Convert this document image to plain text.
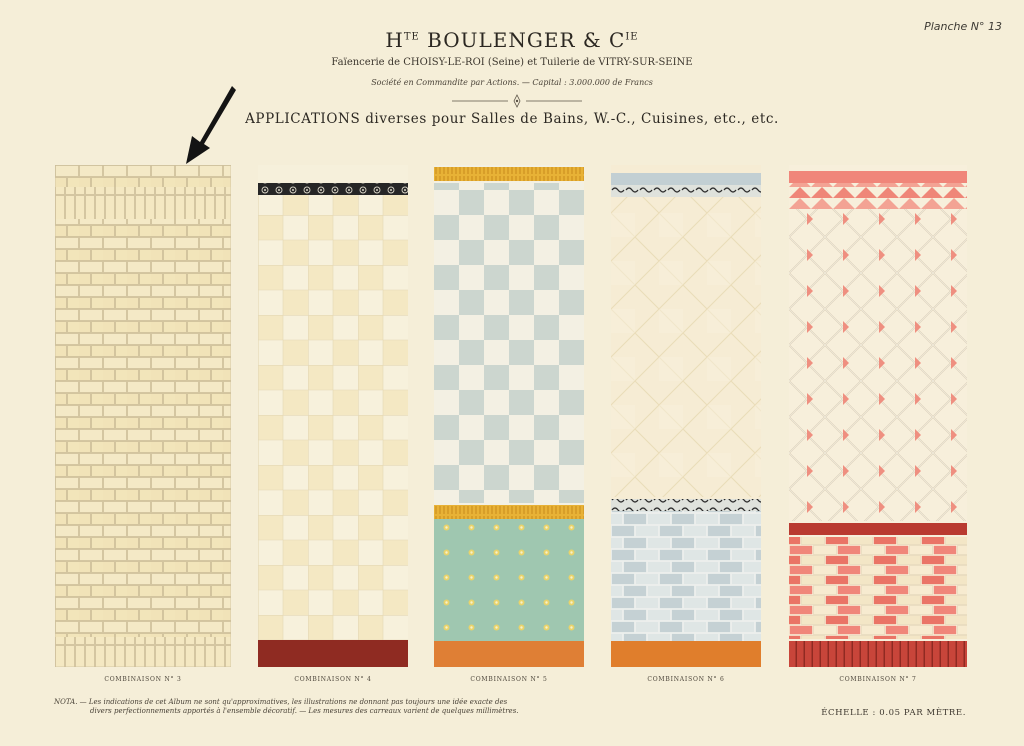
Planche N° 13
$H^{TE}$ BOULENGER & $C^{IE}$
Faïencerie de CHOISY-LE-ROI (Seine) et Tuilerie de VITRY-SUR-SEINE
Société en Commandite par Actions. — Capital : 3.000.000 de Francs
APPLICATIONS diverses pour Salles de Bains, W.-C., Cuisines, etc., etc.
COMBINAISON N° 3	COMBINAISON N° 4	COMBINAISON N° 5	COMBINAISON N° 6	COMBINAISON N° 7
NOTA. — Les indications de cet Album ne sont qu'approximatives, les illustrations ne donnant pas toujours une idée exacte des
divers perfectionnements apportés à l'ensemble décoratif. — Les mesures des carreaux varient de quelques millimètres.	ÉCHELLE : 0.05 PAR MÈTRE.
